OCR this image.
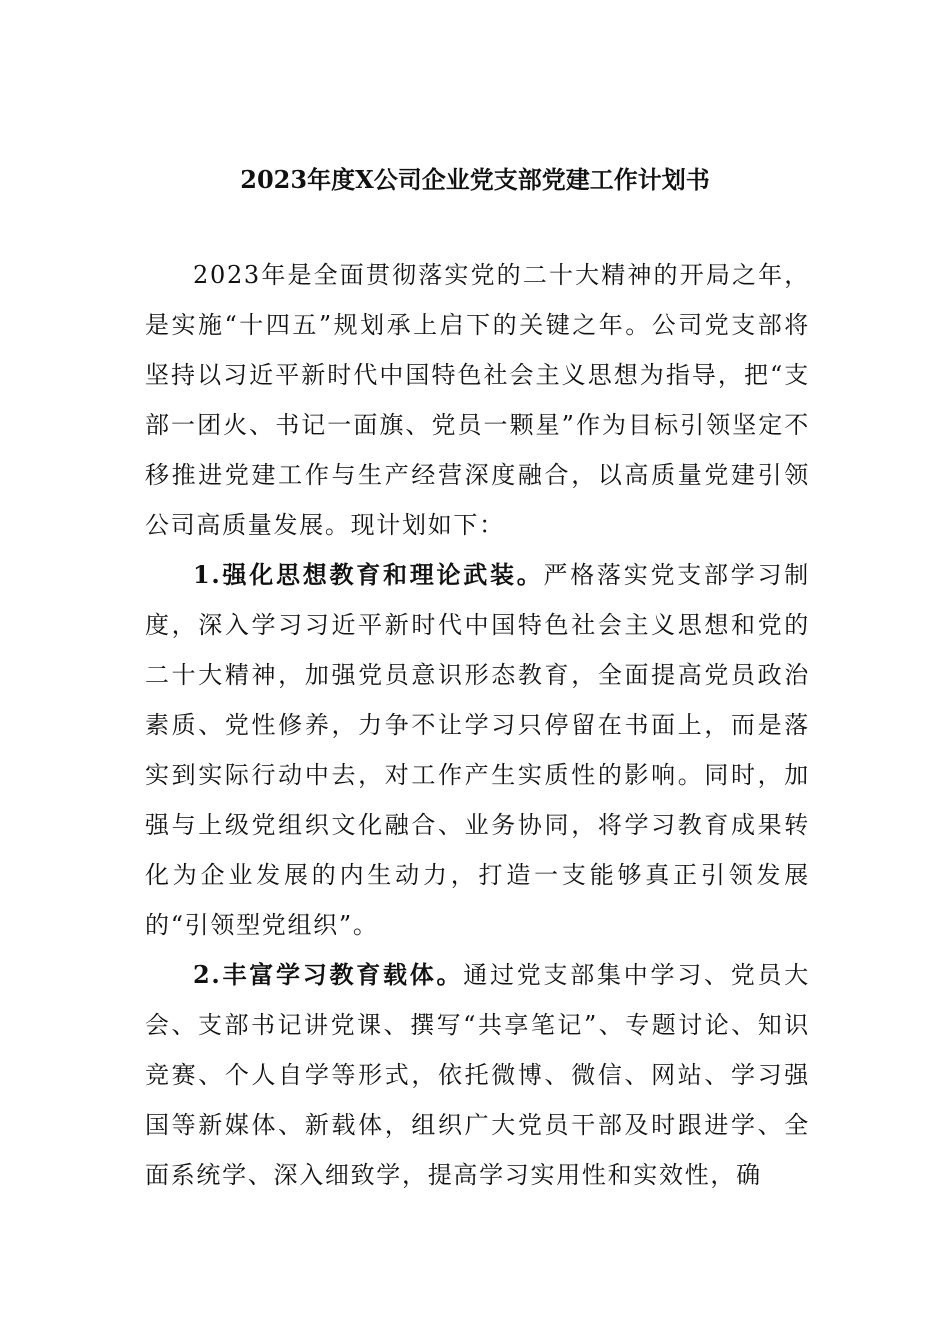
2023年度X公司企业党支部党建工作计划书

2023年是全面贯彻落实党的二十大精神的开局之年，是实施“十四五”规划承上启下的关键之年。公司党支部将坚持以习近平新时代中国特色社会主义思想为指导，把“支部一团火、书记一面旗、党员一颗星”作为目标引领坚定不移推进党建工作与生产经营深度融合，以高质量党建引领公司高质量发展。现计划如下：

1.强化思想教育和理论武装。严格落实党支部学习制度，深入学习习近平新时代中国特色社会主义思想和党的二十大精神，加强党员意识形态教育，全面提高党员政治素质、党性修养，力争不让学习只停留在书面上，而是落实到实际行动中去，对工作产生实质性的影响。同时，加强与上级党组织文化融合、业务协同，将学习教育成果转化为企业发展的内生动力，打造一支能够真正引领发展的“引领型党组织”。

2.丰富学习教育载体。通过党支部集中学习、党员大会、支部书记讲党课、撰写“共享笔记”、专题讨论、知识竞赛、个人自学等形式，依托微博、微信、网站、学习强国等新媒体、新载体，组织广大党员干部及时跟进学、全面系统学、深入细致学，提高学习实用性和实效性，确
